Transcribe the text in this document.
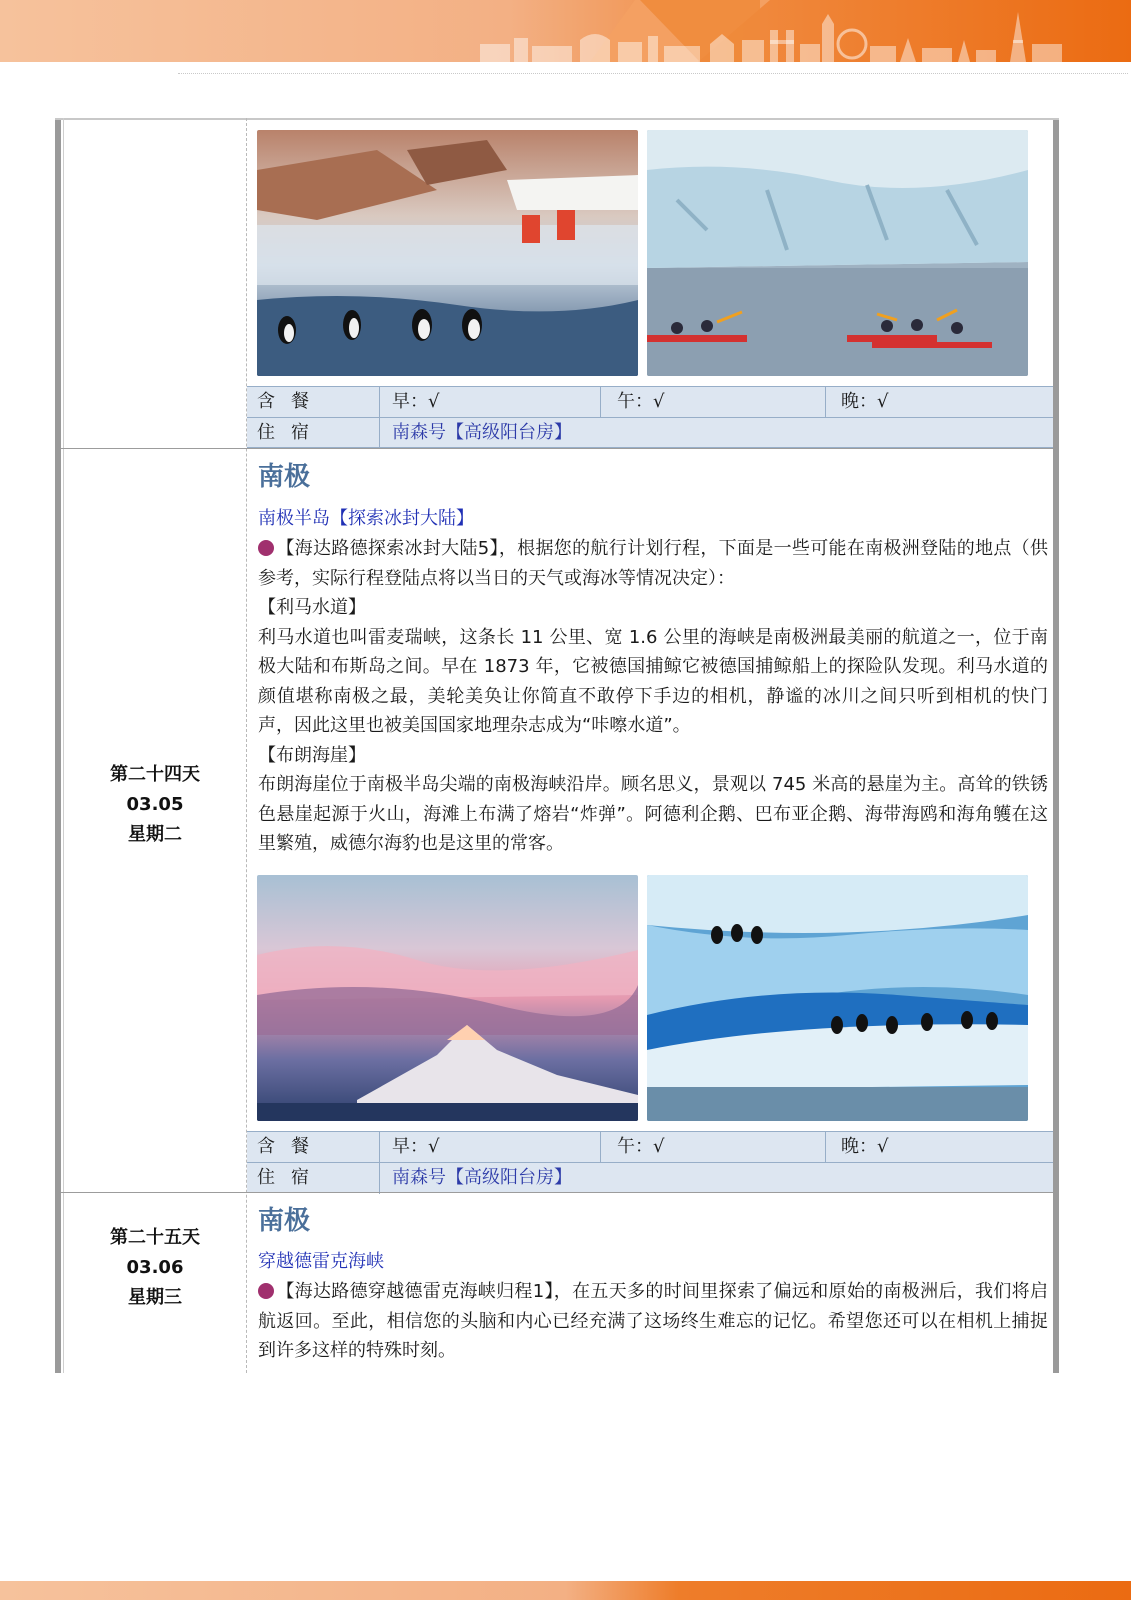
含餐	早：√	午：√	晚：√
住宿	南森号【高级阳台房】
第二十四天
03.05
星期二
南极
南极半岛【探索冰封大陆】
【海达路德探索冰封大陆5】，根据您的航行计划行程，下面是一些可能在南极洲登陆的地点（供参考，实际行程登陆点将以当日的天气或海冰等情况决定）：
【利马水道】
利马水道也叫雷麦瑞峡，这条长 11 公里、宽 1.6 公里的海峡是南极洲最美丽的航道之一，位于南极大陆和布斯岛之间。早在 1873 年，它被德国捕鲸它被德国捕鲸船上的探险队发现。利马水道的颜值堪称南极之最，美轮美奂让你简直不敢停下手边的相机，静谧的冰川之间只听到相机的快门声，因此这里也被美国国家地理杂志成为“咔嚓水道”。
【布朗海崖】
布朗海崖位于南极半岛尖端的南极海峡沿岸。顾名思义，景观以 745 米高的悬崖为主。高耸的铁锈色悬崖起源于火山，海滩上布满了熔岩“炸弹”。阿德利企鹅、巴布亚企鹅、海带海鸥和海角鹱在这里繁殖，威德尔海豹也是这里的常客。
含餐	早：√	午：√	晚：√
住宿	南森号【高级阳台房】
第二十五天
03.06
星期三
南极
穿越德雷克海峡
【海达路德穿越德雷克海峡归程1】，在五天多的时间里探索了偏远和原始的南极洲后，我们将启航返回。至此，相信您的头脑和内心已经充满了这场终生难忘的记忆。希望您还可以在相机上捕捉到许多这样的特殊时刻。
